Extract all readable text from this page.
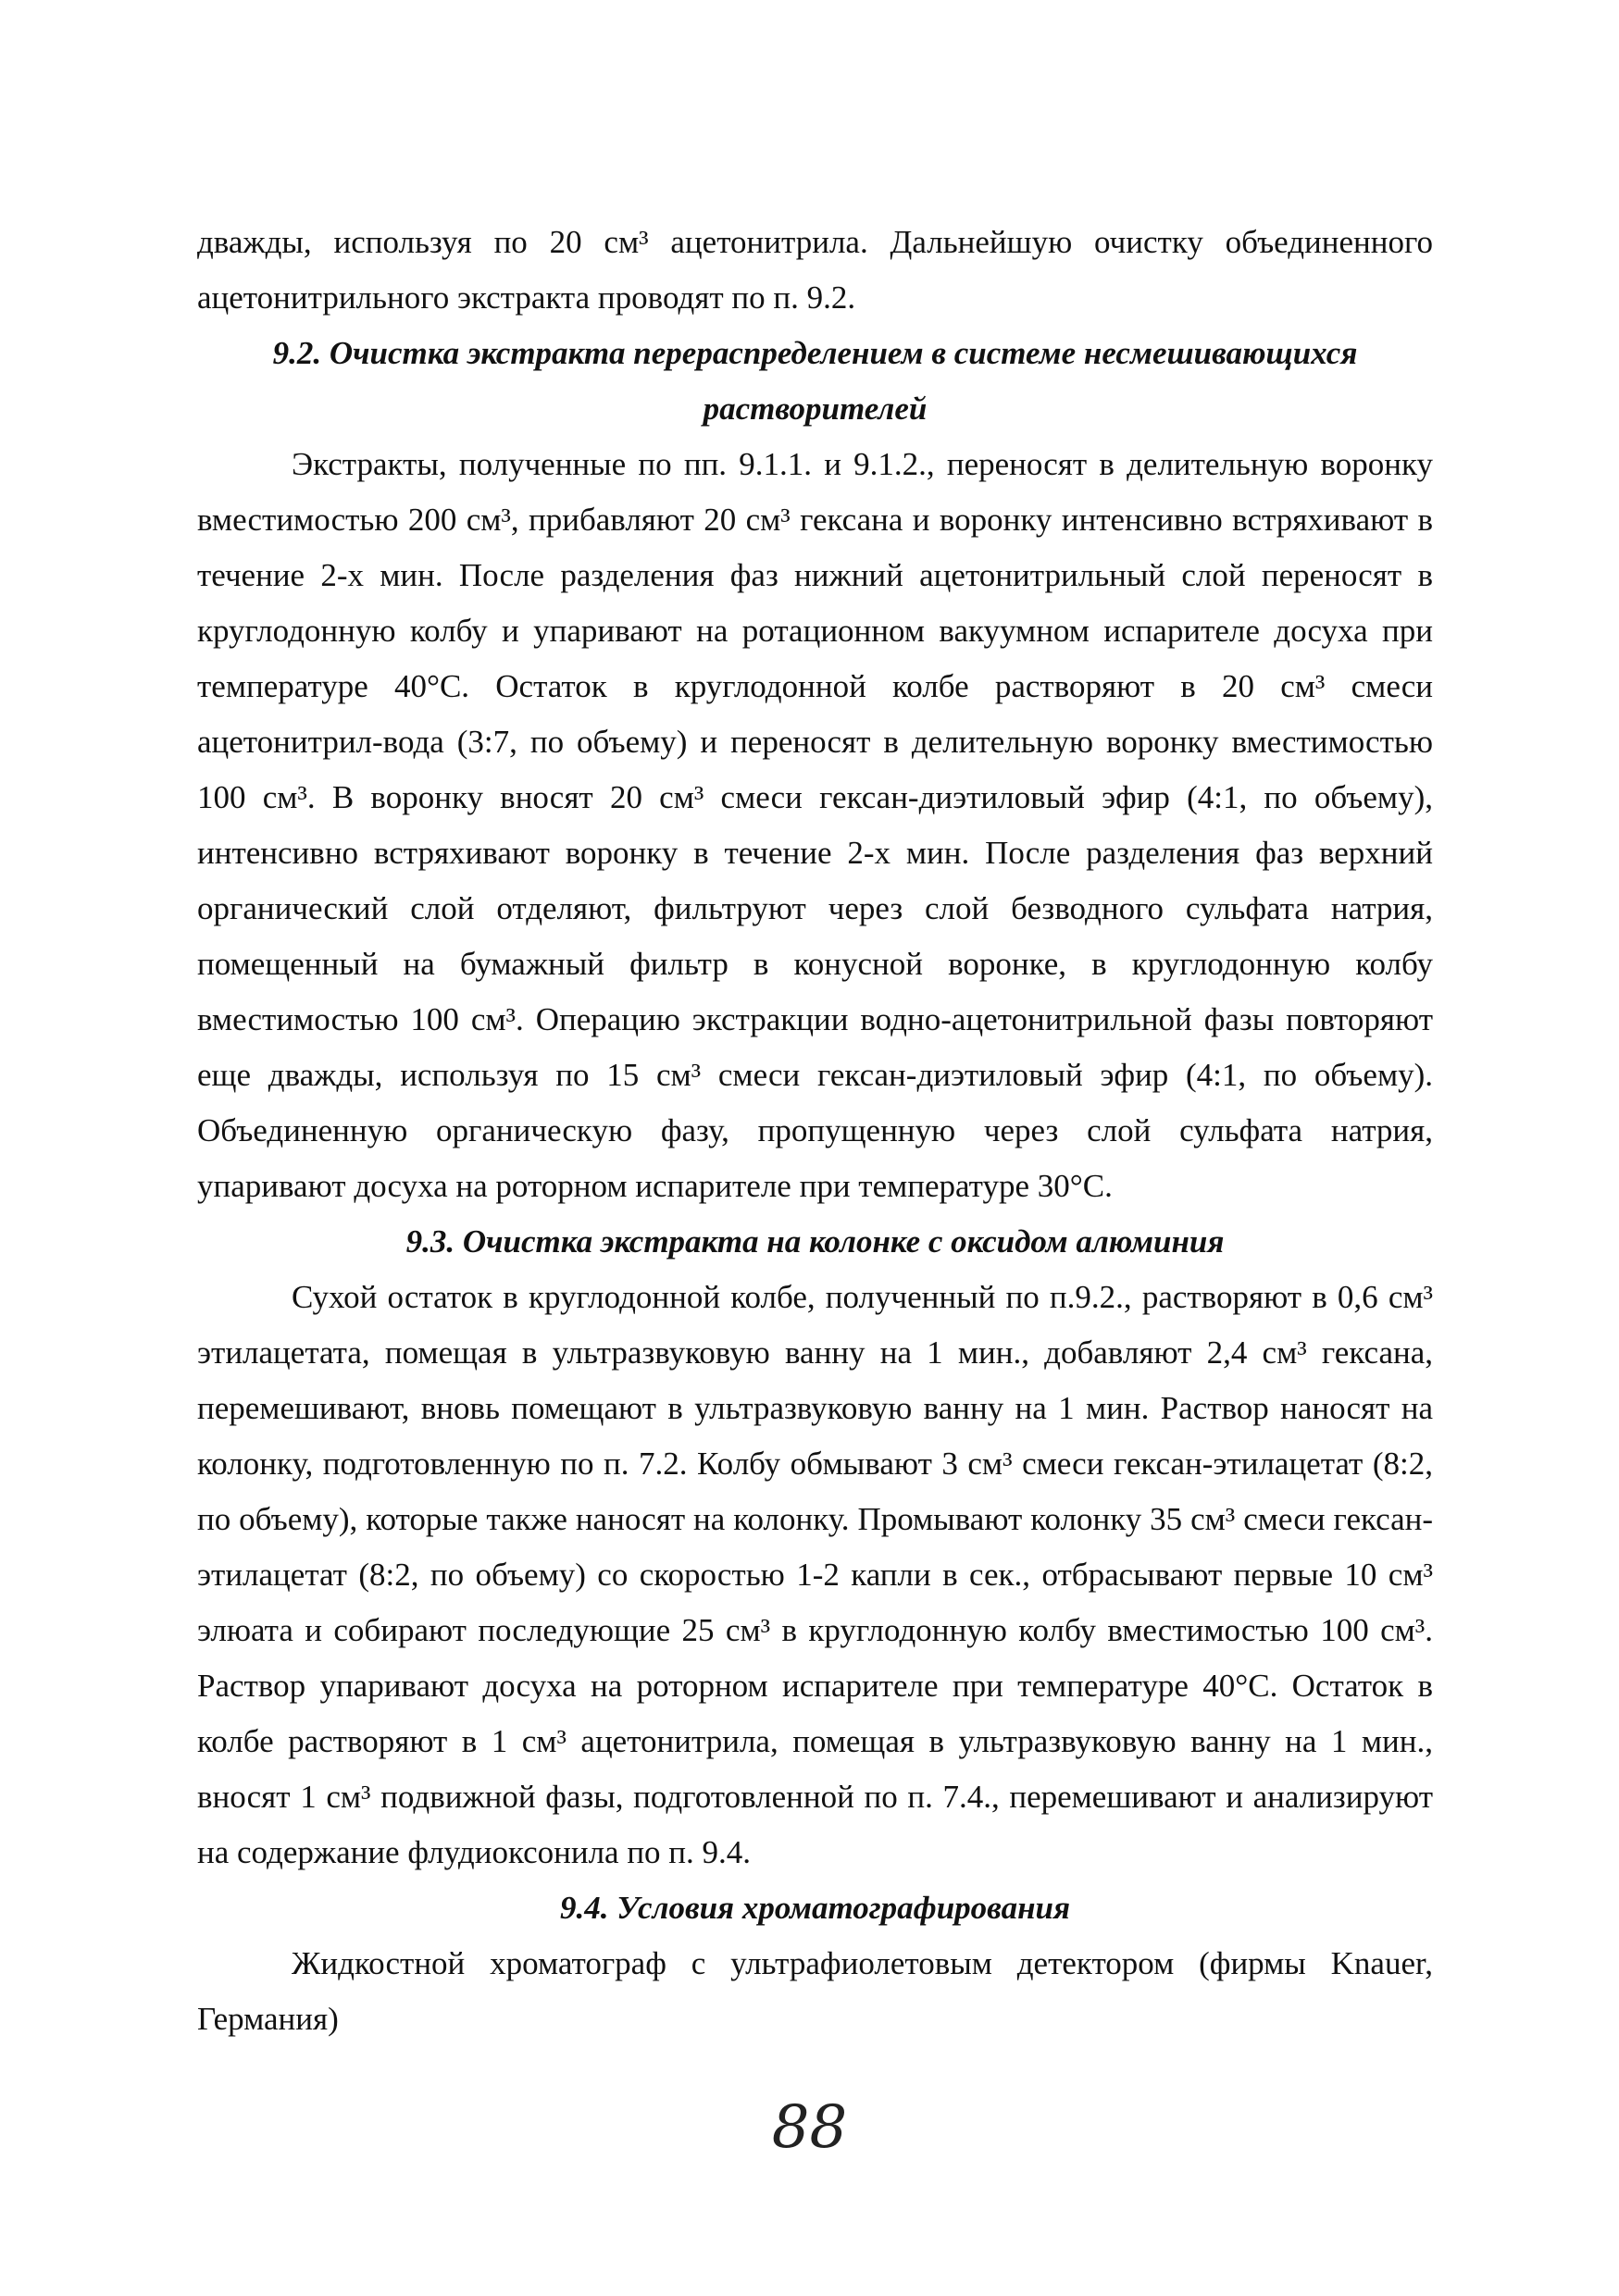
дважды, используя по 20 см³ ацетонитрила. Дальнейшую очистку объединенного ацетонитрильного экстракта проводят по п. 9.2.

9.2. Очистка экстракта перераспределением в системе несмешивающихся растворителей

Экстракты, полученные по пп. 9.1.1. и 9.1.2., переносят в делительную воронку вместимостью 200 см³, прибавляют 20 см³ гексана и воронку интенсивно встряхивают в течение 2-х мин. После разделения фаз нижний ацетонитрильный слой переносят в круглодонную колбу и упаривают на ротационном вакуумном испарителе досуха при температуре 40°С. Остаток в круглодонной колбе растворяют в 20 см³ смеси ацетонитрил-вода (3:7, по объему) и переносят в делительную воронку вместимостью 100 см³. В воронку вносят 20 см³ смеси гексан-диэтиловый эфир (4:1, по объему), интенсивно встряхивают воронку в течение 2-х мин. После разделения фаз верхний органический слой отделяют, фильтруют через слой безводного сульфата натрия, помещенный на бумажный фильтр в конусной воронке, в круглодонную колбу вместимостью 100 см³. Операцию экстракции водно-ацетонитрильной фазы повторяют еще дважды, используя по 15 см³ смеси гексан-диэтиловый эфир (4:1, по объему). Объединенную органическую фазу, пропущенную через слой сульфата натрия, упаривают досуха на роторном испарителе при температуре 30°С.

9.3. Очистка экстракта на колонке с оксидом алюминия

Сухой остаток в круглодонной колбе, полученный по п.9.2., растворяют в 0,6 см³ этилацетата, помещая в ультразвуковую ванну на 1 мин., добавляют 2,4 см³ гексана, перемешивают, вновь помещают в ультразвуковую ванну на 1 мин. Раствор наносят на колонку, подготовленную по п. 7.2. Колбу обмывают 3 см³ смеси гексан-этилацетат (8:2, по объему), которые также наносят на колонку. Промывают колонку 35 см³ смеси гексан-этилацетат (8:2, по объему) со скоростью 1-2 капли в сек., отбрасывают первые 10 см³ элюата и собирают последующие 25 см³ в круглодонную колбу вместимостью 100 см³. Раствор упаривают досуха на роторном испарителе при температуре 40°С. Остаток в колбе растворяют в 1 см³ ацетонитрила, помещая в ультразвуковую ванну на 1 мин., вносят 1 см³ подвижной фазы, подготовленной по п. 7.4., перемешивают и анализируют на содержание флудиоксонила по п. 9.4.

9.4. Условия хроматографирования

Жидкостной хроматограф с ультрафиолетовым детектором (фирмы Knauer, Германия)

88
